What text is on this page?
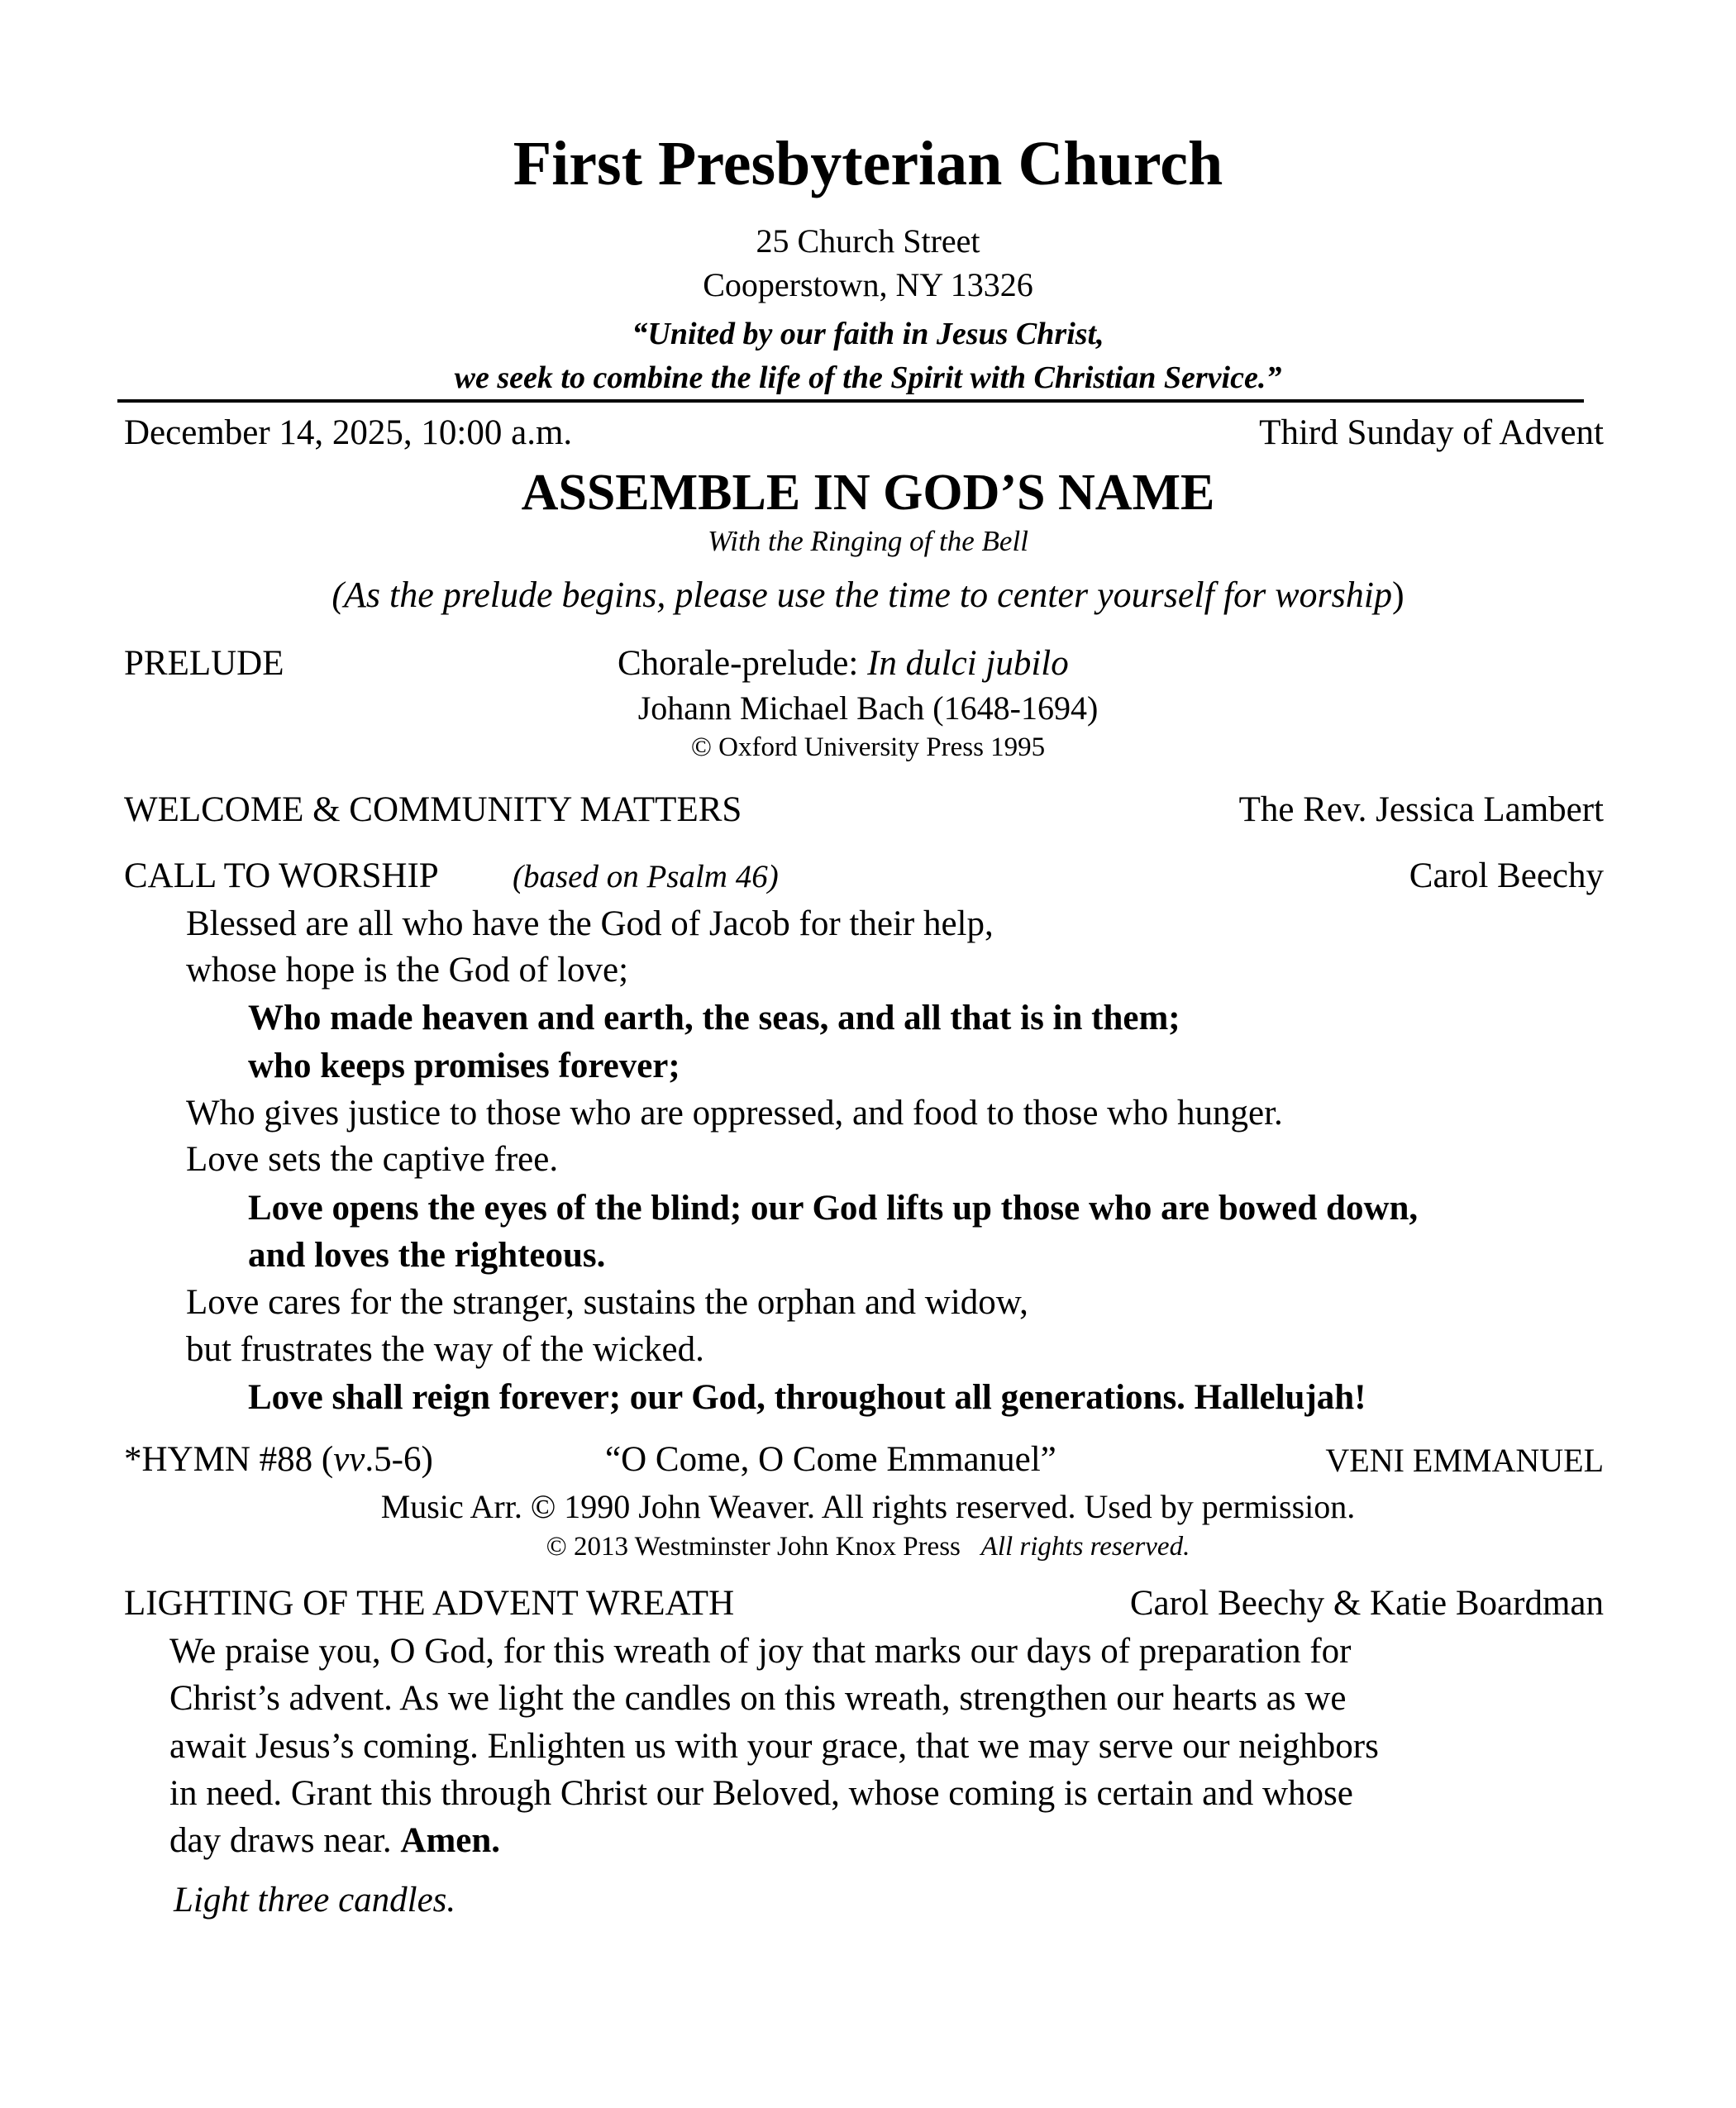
First Presbyterian Church
25 Church Street
Cooperstown, NY 13326
“United by our faith in Jesus Christ,
we seek to combine the life of the Spirit with Christian Service.”
December 14, 2025, 10:00 a.m.	Third Sunday of Advent
ASSEMBLE IN GOD’S NAME
With the Ringing of the Bell
(As the prelude begins, please use the time to center yourself for worship)
PRELUDE	Chorale-prelude: In dulci jubilo
Johann Michael Bach (1648-1694)
© Oxford University Press 1995
WELCOME & COMMUNITY MATTERS	The Rev. Jessica Lambert
CALL TO WORSHIP (based on Psalm 46)	Carol Beechy
Blessed are all who have the God of Jacob for their help,
whose hope is the God of love;
Who made heaven and earth, the seas, and all that is in them;
who keeps promises forever;
Who gives justice to those who are oppressed, and food to those who hunger.
Love sets the captive free.
Love opens the eyes of the blind; our God lifts up those who are bowed down,
and loves the righteous.
Love cares for the stranger, sustains the orphan and widow,
but frustrates the way of the wicked.
Love shall reign forever; our God, throughout all generations. Hallelujah!
*HYMN #88 (vv.5-6)	“O Come, O Come Emmanuel”	VENI EMMANUEL
Music Arr. © 1990 John Weaver. All rights reserved. Used by permission.
© 2013 Westminster John Knox Press All rights reserved.
LIGHTING OF THE ADVENT WREATH	Carol Beechy & Katie Boardman
We praise you, O God, for this wreath of joy that marks our days of preparation for
Christ’s advent. As we light the candles on this wreath, strengthen our hearts as we
await Jesus’s coming. Enlighten us with your grace, that we may serve our neighbors
in need. Grant this through Christ our Beloved, whose coming is certain and whose
day draws near. Amen.
Light three candles.
